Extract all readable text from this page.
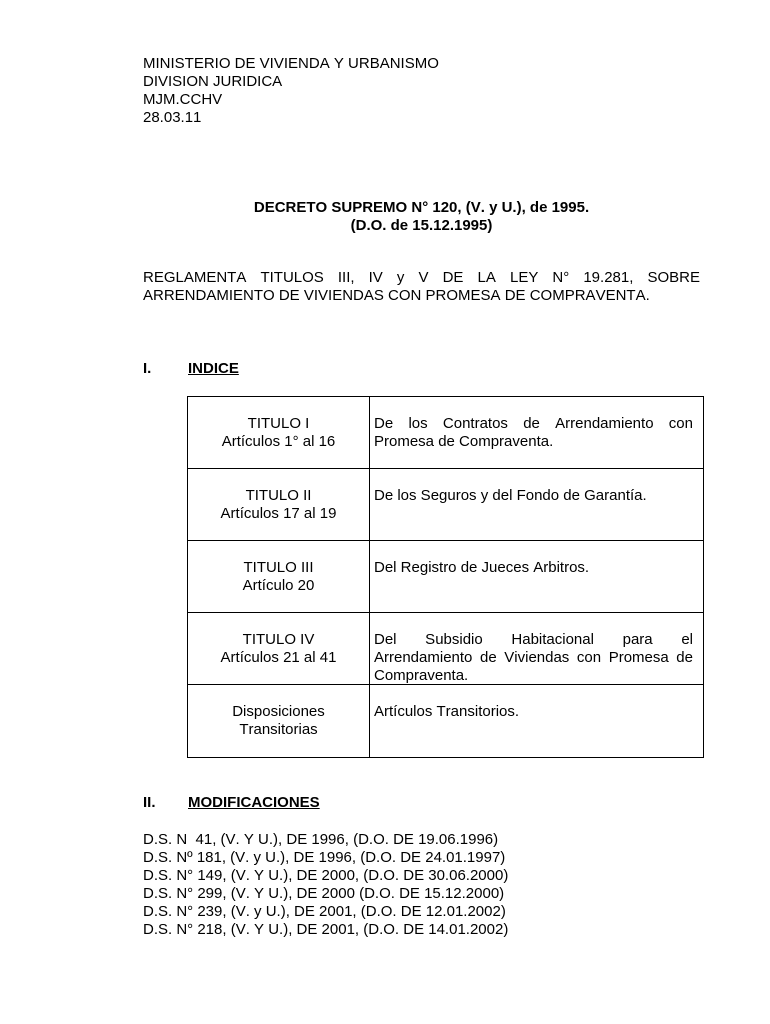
MINISTERIO DE VIVIENDA Y URBANISMO
DIVISION JURIDICA
MJM.CCHV
28.03.11
DECRETO SUPREMO N° 120, (V. y U.), de 1995.
(D.O. de 15.12.1995)
REGLAMENTA TITULOS III, IV y V DE LA LEY N° 19.281, SOBRE ARRENDAMIENTO DE VIVIENDAS CON PROMESA DE COMPRAVENTA.
I. INDICE
TITULO I
Artículos 1° al 16
De los Contratos de Arrendamiento con Promesa de Compraventa.
TITULO II
Artículos 17 al 19
De los Seguros y del Fondo de Garantía.
TITULO III
Artículo 20
Del Registro de Jueces Arbitros.
TITULO IV
Artículos 21 al 41
Del Subsidio Habitacional para el Arrendamiento de Viviendas con Promesa de Compraventa.
Disposiciones
Transitorias
Artículos Transitorios.
II. MODIFICACIONES
D.S. N  41, (V. Y U.), DE 1996, (D.O. DE 19.06.1996)
D.S. Nº 181, (V. y U.), DE 1996, (D.O. DE 24.01.1997)
D.S. N° 149, (V. Y U.), DE 2000, (D.O. DE 30.06.2000)
D.S. N° 299, (V. Y U.), DE 2000 (D.O. DE 15.12.2000)
D.S. N° 239, (V. y U.), DE 2001, (D.O. DE 12.01.2002)
D.S. N° 218, (V. Y U.), DE 2001, (D.O. DE 14.01.2002)
